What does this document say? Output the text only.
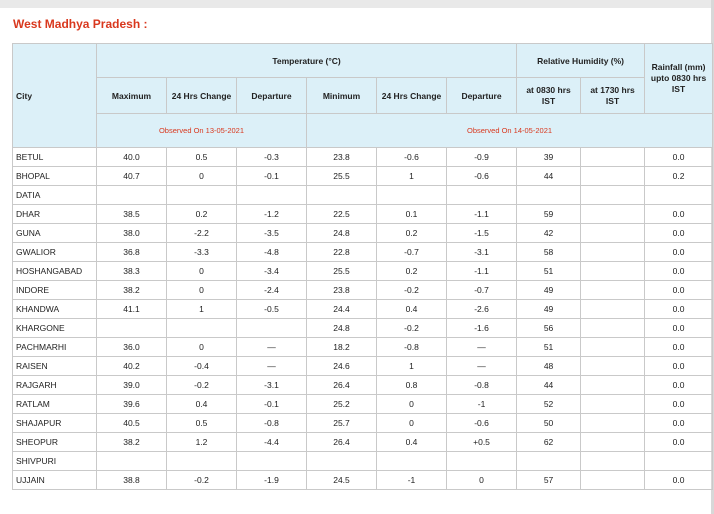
West Madhya Pradesh :
City	Temperature (°C)						Relative Humidity (%)		Rainfall (mm) upto 0830 hrs IST	
	Maximum	24 Hrs Change	Departure	Minimum	24 Hrs Change	Departure	at 0830 hrs IST	at 1730 hrs IST		
	Observed On 13-05-2021			Observed On 14-05-2021						
BETUL	40.0	0.5	-0.3	23.8	-0.6	-0.9	39		0.0	
BHOPAL	40.7	0	-0.1	25.5	1	-0.6	44		0.2	
DATIA										
DHAR	38.5	0.2	-1.2	22.5	0.1	-1.1	59		0.0	
GUNA	38.0	-2.2	-3.5	24.8	0.2	-1.5	42		0.0	
GWALIOR	36.8	-3.3	-4.8	22.8	-0.7	-3.1	58		0.0	
HOSHANGABAD	38.3	0	-3.4	25.5	0.2	-1.1	51		0.0	
INDORE	38.2	0	-2.4	23.8	-0.2	-0.7	49		0.0	
KHANDWA	41.1	1	-0.5	24.4	0.4	-2.6	49		0.0	
KHARGONE				24.8	-0.2	-1.6	56		0.0	
PACHMARHI	36.0	0	—	18.2	-0.8	—	51		0.0	
RAISEN	40.2	-0.4	—	24.6	1	—	48		0.0	
RAJGARH	39.0	-0.2	-3.1	26.4	0.8	-0.8	44		0.0	
RATLAM	39.6	0.4	-0.1	25.2	0	-1	52		0.0	
SHAJAPUR	40.5	0.5	-0.8	25.7	0	-0.6	50		0.0	
SHEOPUR	38.2	1.2	-4.4	26.4	0.4	+0.5	62		0.0	
SHIVPURI										
UJJAIN	38.8	-0.2	-1.9	24.5	-1	0	57		0.0	
